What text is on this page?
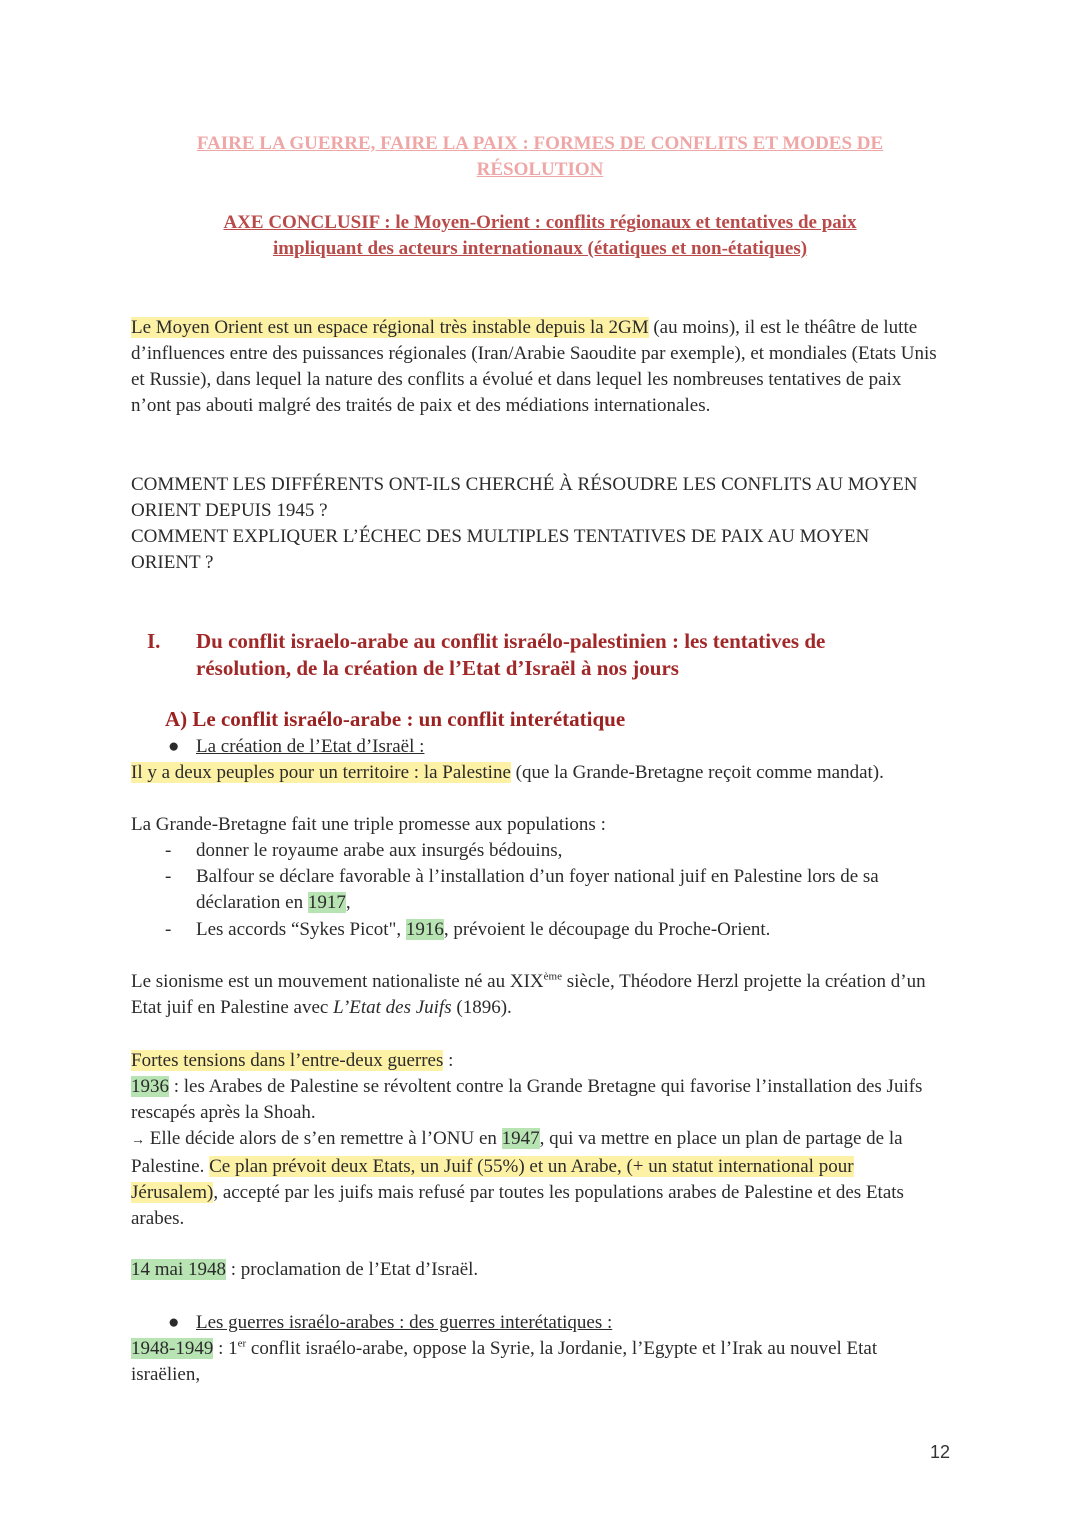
FAIRE LA GUERRE, FAIRE LA PAIX : FORMES DE CONFLITS ET MODES DE
RÉSOLUTION
AXE CONCLUSIF : le Moyen-Orient : conflits régionaux et tentatives de paix
impliquant des acteurs internationaux (étatiques et non-étatiques)
Le Moyen Orient est un espace régional très instable depuis la 2GM (au moins), il est le théâtre de lutte d’influences entre des puissances régionales (Iran/Arabie Saoudite par exemple), et mondiales (Etats Unis et Russie), dans lequel la nature des conflits a évolué et dans lequel les nombreuses tentatives de paix n’ont pas abouti malgré des traités de paix et des médiations internationales.
COMMENT LES DIFFÉRENTS ONT-ILS CHERCHÉ À RÉSOUDRE LES CONFLITS AU MOYEN ORIENT DEPUIS 1945 ?
COMMENT EXPLIQUER L’ÉCHEC DES MULTIPLES TENTATIVES DE PAIX AU MOYEN ORIENT ?
I. Du conflit israelo-arabe au conflit israélo-palestinien : les tentatives de
résolution, de la création de l’Etat d’Israël à nos jours
A) Le conflit israélo-arabe : un conflit interétatique
● La création de l’Etat d’Israël :
Il y a deux peuples pour un territoire : la Palestine (que la Grande-Bretagne reçoit comme mandat).
La Grande-Bretagne fait une triple promesse aux populations :
-	donner le royaume arabe aux insurgés bédouins,
-	Balfour se déclare favorable à l’installation d’un foyer national juif en Palestine lors de sa déclaration en 1917,
-	Les accords “Sykes Picot", 1916, prévoient le découpage du Proche-Orient.
Le sionisme est un mouvement nationaliste né au XIXème siècle, Théodore Herzl projette la création d’un Etat juif en Palestine avec L’Etat des Juifs (1896).
Fortes tensions dans l’entre-deux guerres :
1936 : les Arabes de Palestine se révoltent contre la Grande Bretagne qui favorise l’installation des Juifs rescapés après la Shoah.
→ Elle décide alors de s’en remettre à l’ONU en 1947, qui va mettre en place un plan de partage de la Palestine. Ce plan prévoit deux Etats, un Juif (55%) et un Arabe, (+ un statut international pour Jérusalem), accepté par les juifs mais refusé par toutes les populations arabes de Palestine et des Etats arabes.
14 mai 1948 : proclamation de l’Etat d’Israël.
● Les guerres israélo-arabes : des guerres interétatiques :
1948-1949 : 1er conflit israélo-arabe, oppose la Syrie, la Jordanie, l’Egypte et l’Irak au nouvel Etat israëlien,
12
